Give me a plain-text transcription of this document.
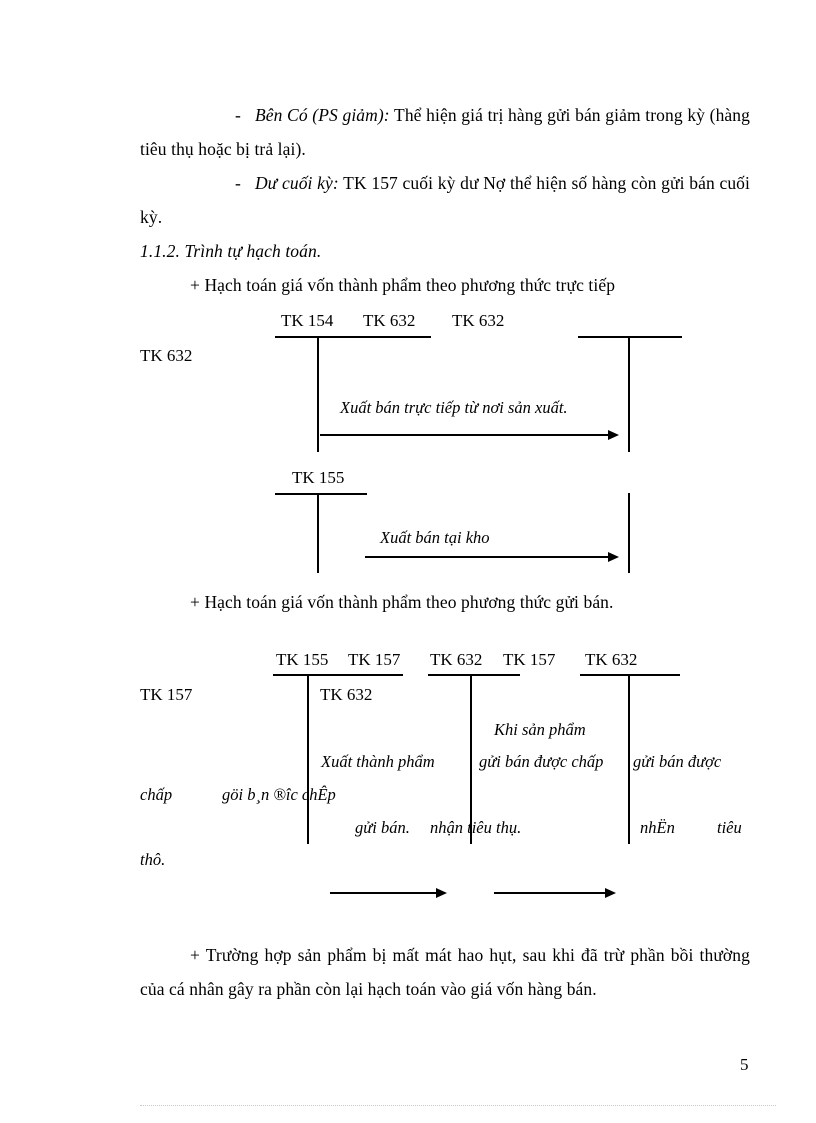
- Bên Có (PS giảm): Thể hiện giá trị hàng gửi bán giảm trong kỳ (hàng tiêu thụ hoặc bị trả lại).
- Dư cuối kỳ: TK 157 cuối kỳ dư Nợ thể hiện số hàng còn gửi bán cuối kỳ.
1.1.2. Trình tự hạch toán.
+ Hạch toán giá vốn thành phẩm theo phương thức trực tiếp
TK 154 TK 632 TK 632
TK 632
Xuất bán trực tiếp từ nơi sản xuất.
TK 155
Xuất bán tại kho
+ Hạch toán giá vốn thành phẩm theo phương thức gửi bán.
TK 155 TK 157 TK 632 TK 157 TK 632
TK 157	TK 632
Khi sản phẩm
Xuất thành phẩm	gửi bán được chấp gửi bán được
chấp	göi b¸n ®îc chÊp
gửi bán. nhận tiêu thụ.	nhËn	tiêu
thô.
+ Trường hợp sản phẩm bị mất mát hao hụt, sau khi đã trừ phần bồi thường của cá nhân gây ra phần còn lại hạch toán vào giá vốn hàng bán.
5
